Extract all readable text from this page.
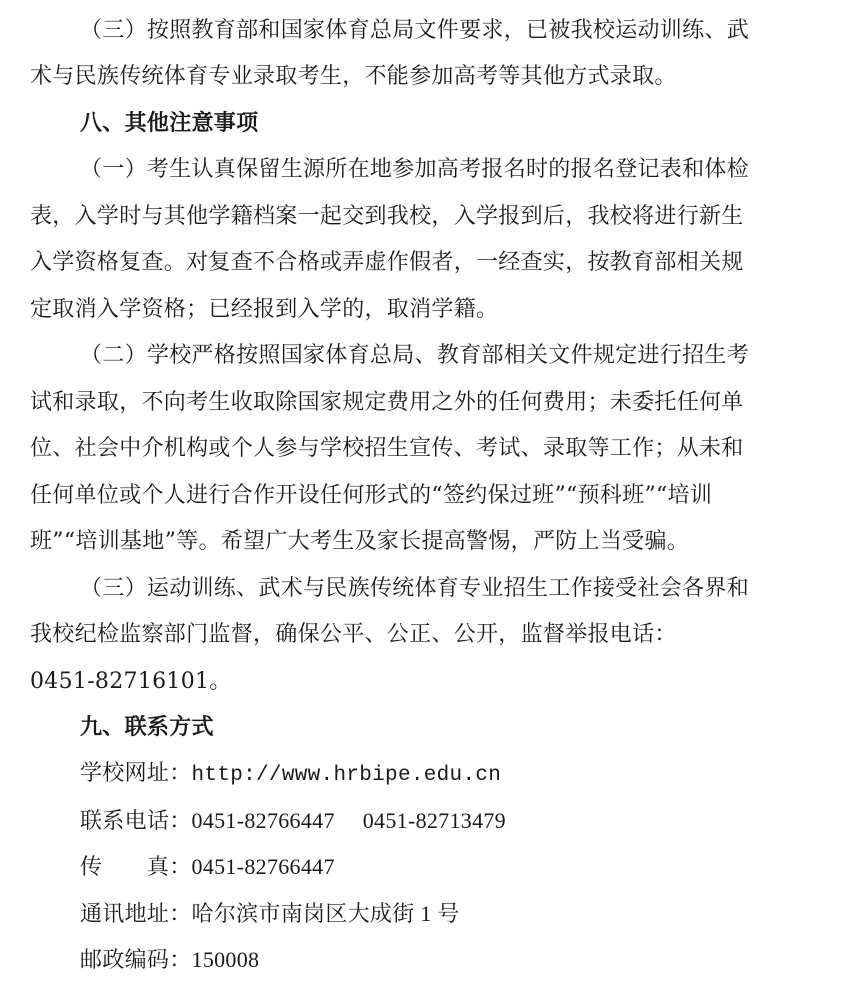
（三）按照教育部和国家体育总局文件要求，已被我校运动训练、武
术与民族传统体育专业录取考生，不能参加高考等其他方式录取。
八、其他注意事项
（一）考生认真保留生源所在地参加高考报名时的报名登记表和体检
表，入学时与其他学籍档案一起交到我校，入学报到后，我校将进行新生
入学资格复查。对复查不合格或弄虚作假者，一经查实，按教育部相关规
定取消入学资格；已经报到入学的，取消学籍。
（二）学校严格按照国家体育总局、教育部相关文件规定进行招生考
试和录取，不向考生收取除国家规定费用之外的任何费用；未委托任何单
位、社会中介机构或个人参与学校招生宣传、考试、录取等工作；从未和
任何单位或个人进行合作开设任何形式的“签约保过班”“预科班”“培训
班”“培训基地”等。希望广大考生及家长提高警惕，严防上当受骗。
（三）运动训练、武术与民族传统体育专业招生工作接受社会各界和
我校纪检监察部门监督，确保公平、公正、公开，监督举报电话：
0451-82716101。
九、联系方式
学校网址：http://www.hrbipe.edu.cn
联系电话：0451-82766447 0451-82713479
传　　真：0451-82766447
通讯地址：哈尔滨市南岗区大成街 1 号
邮政编码：150008
